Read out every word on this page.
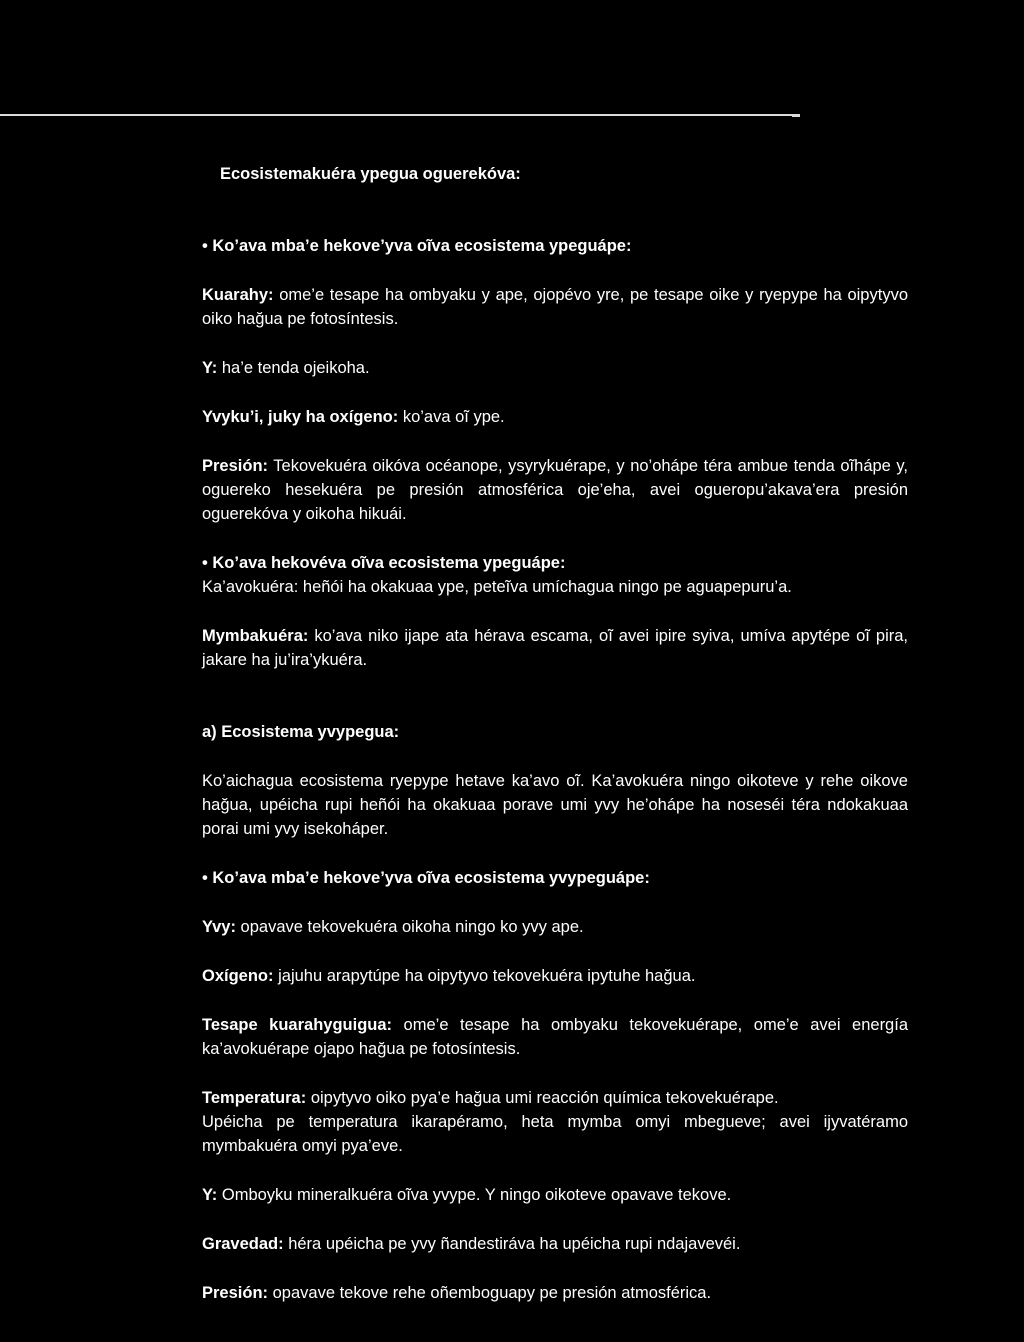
Ecosistemakuéra ypegua oguerekóva:

• Ko’ava mba’e hekove’yva oĩva ecosistema ypeguápe:

Kuarahy: ome’e tesape ha ombyaku y ape, ojopévo yre, pe tesape oike y ryepype ha oipytyvo oiko hağua pe fotosíntesis.

Y: ha’e tenda ojeikoha.

Yvyku’i, juky ha oxígeno: ko’ava oĩ ype.

Presión: Tekovekuéra oikóva océanope, ysyrykuérape, y no’ohápe téra ambue tenda oĩhápe y, oguereko hesekuéra pe presión atmosférica oje’eha, avei ogueropu’akava’era presión oguerekóva y oikoha hikuái.

• Ko’ava hekovéva oĩva ecosistema ypeguápe:

Ka’avokuéra: heñói ha okakuaa ype, peteĩva umíchagua ningo pe aguapepuru’a.

Mymbakuéra: ko’ava niko ijape ata hérava escama, oĩ avei ipire syiva, umíva apytépe oĩ pira, jakare ha ju’ira’ykuéra.

a) Ecosistema yvypegua:

Ko’aichagua ecosistema ryepype hetave ka’avo oĩ. Ka’avokuéra ningo oikoteve y rehe oikove hağua, upéicha rupi heñói ha okakuaa porave umi yvy he’ohápe ha noseséi téra ndokakuaa porai umi yvy isekoháper.

• Ko’ava mba’e hekove’yva oĩva ecosistema yvypeguápe:

Yvy: opavave tekovekuéra oikoha ningo ko yvy ape.

Oxígeno: jajuhu arapytúpe ha oipytyvo tekovekuéra ipytuhe hağua.

Tesape kuarahyguigua: ome’e tesape ha ombyaku tekovekuérape, ome’e avei energía ka’avokuérape ojapo hağua pe fotosíntesis.

Temperatura: oipytyvo oiko pya’e hağua umi reacción química tekovekuérape.

Upéicha pe temperatura ikarapéramo, heta mymba omyi mbegueve; avei ijyvatéramo mymbakuéra omyi pya’eve.

Y: Omboyku mineralkuéra oĩva yvype. Y ningo oikoteve opavave tekove.

Gravedad: héra upéicha pe yvy ñandestiráva ha upéicha rupi ndajavevéi.

Presión: opavave tekove rehe oñemboguapy pe presión atmosférica.
